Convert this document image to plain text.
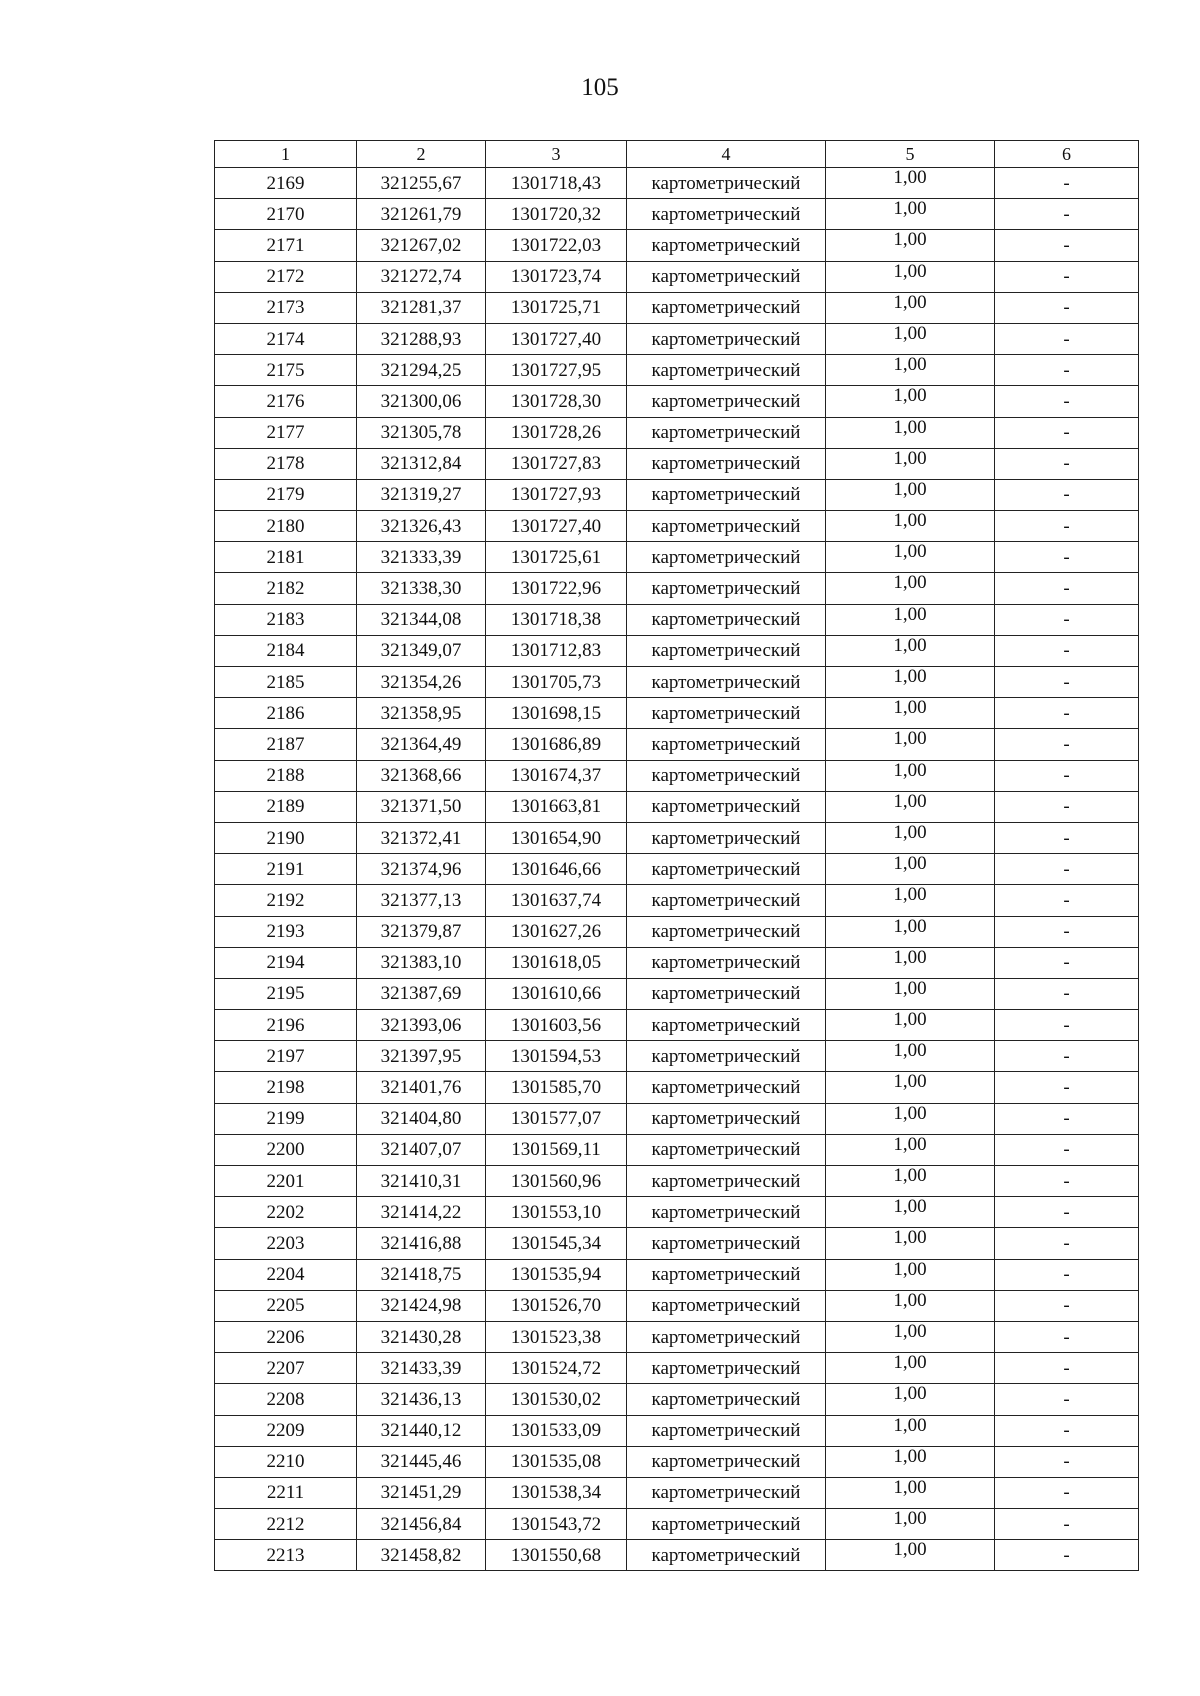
105
1	2	3	4	5	6
2169	321255,67	1301718,43	картометрический	1,00	-
2170	321261,79	1301720,32	картометрический	1,00	-
2171	321267,02	1301722,03	картометрический	1,00	-
2172	321272,74	1301723,74	картометрический	1,00	-
2173	321281,37	1301725,71	картометрический	1,00	-
2174	321288,93	1301727,40	картометрический	1,00	-
2175	321294,25	1301727,95	картометрический	1,00	-
2176	321300,06	1301728,30	картометрический	1,00	-
2177	321305,78	1301728,26	картометрический	1,00	-
2178	321312,84	1301727,83	картометрический	1,00	-
2179	321319,27	1301727,93	картометрический	1,00	-
2180	321326,43	1301727,40	картометрический	1,00	-
2181	321333,39	1301725,61	картометрический	1,00	-
2182	321338,30	1301722,96	картометрический	1,00	-
2183	321344,08	1301718,38	картометрический	1,00	-
2184	321349,07	1301712,83	картометрический	1,00	-
2185	321354,26	1301705,73	картометрический	1,00	-
2186	321358,95	1301698,15	картометрический	1,00	-
2187	321364,49	1301686,89	картометрический	1,00	-
2188	321368,66	1301674,37	картометрический	1,00	-
2189	321371,50	1301663,81	картометрический	1,00	-
2190	321372,41	1301654,90	картометрический	1,00	-
2191	321374,96	1301646,66	картометрический	1,00	-
2192	321377,13	1301637,74	картометрический	1,00	-
2193	321379,87	1301627,26	картометрический	1,00	-
2194	321383,10	1301618,05	картометрический	1,00	-
2195	321387,69	1301610,66	картометрический	1,00	-
2196	321393,06	1301603,56	картометрический	1,00	-
2197	321397,95	1301594,53	картометрический	1,00	-
2198	321401,76	1301585,70	картометрический	1,00	-
2199	321404,80	1301577,07	картометрический	1,00	-
2200	321407,07	1301569,11	картометрический	1,00	-
2201	321410,31	1301560,96	картометрический	1,00	-
2202	321414,22	1301553,10	картометрический	1,00	-
2203	321416,88	1301545,34	картометрический	1,00	-
2204	321418,75	1301535,94	картометрический	1,00	-
2205	321424,98	1301526,70	картометрический	1,00	-
2206	321430,28	1301523,38	картометрический	1,00	-
2207	321433,39	1301524,72	картометрический	1,00	-
2208	321436,13	1301530,02	картометрический	1,00	-
2209	321440,12	1301533,09	картометрический	1,00	-
2210	321445,46	1301535,08	картометрический	1,00	-
2211	321451,29	1301538,34	картометрический	1,00	-
2212	321456,84	1301543,72	картометрический	1,00	-
2213	321458,82	1301550,68	картометрический	1,00	-
